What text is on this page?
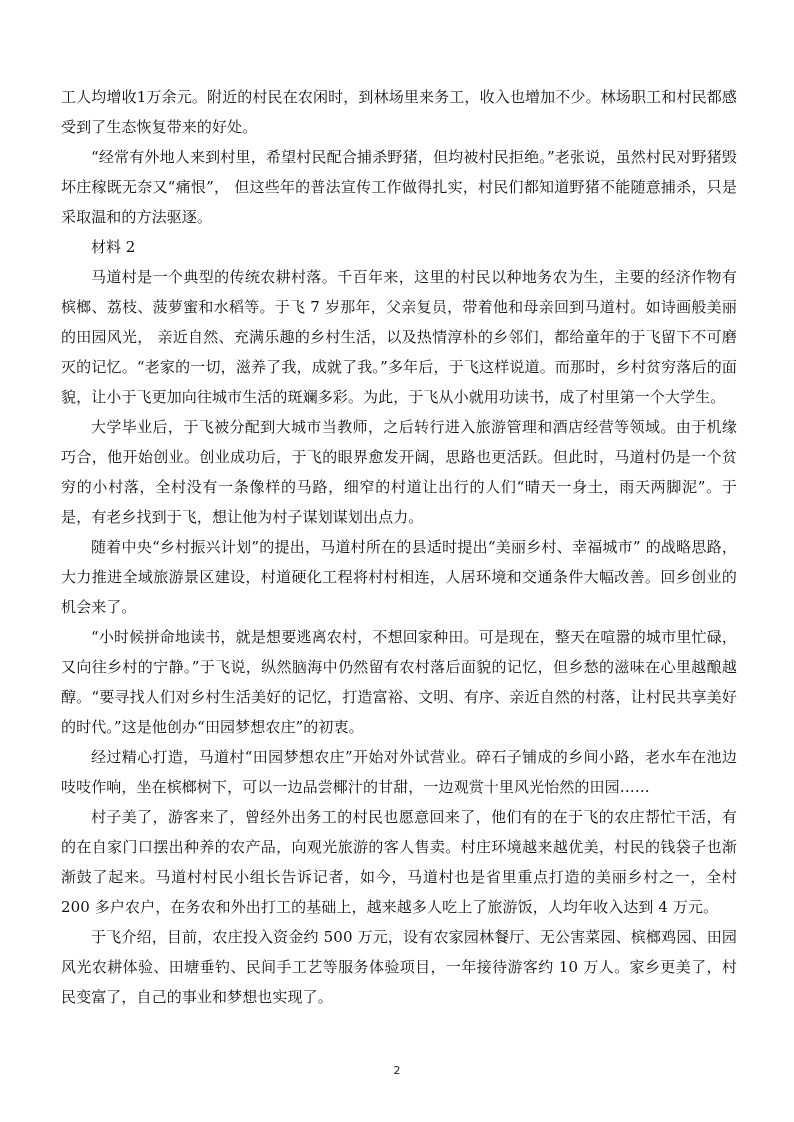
工人均增收1万余元。附近的村民在农闲时，到林场里来务工，收入也增加不少。林场职工和村民都感受到了生态恢复带来的好处。

“经常有外地人来到村里，希望村民配合捕杀野猪，但均被村民拒绝。”老张说，虽然村民对野猪毁坏庄稼既无奈又“痛恨”， 但这些年的普法宣传工作做得扎实，村民们都知道野猪不能随意捕杀，只是采取温和的方法驱逐。

材料 2

马道村是一个典型的传统农耕村落。千百年来，这里的村民以种地务农为生，主要的经济作物有槟榔、荔枝、菠萝蜜和水稻等。于飞 7 岁那年，父亲复员，带着他和母亲回到马道村。如诗画般美丽的田园风光， 亲近自然、充满乐趣的乡村生活，以及热情淳朴的乡邻们，都给童年的于飞留下不可磨灭的记忆。“老家的一切，滋养了我，成就了我。”多年后，于飞这样说道。而那时，乡村贫穷落后的面貌，让小于飞更加向往城市生活的斑斓多彩。为此，于飞从小就用功读书，成了村里第一个大学生。

大学毕业后，于飞被分配到大城市当教师，之后转行进入旅游管理和酒店经营等领域。由于机缘巧合，他开始创业。创业成功后，于飞的眼界愈发开阔，思路也更活跃。但此时，马道村仍是一个贫穷的小村落，全村没有一条像样的马路，细窄的村道让出行的人们“晴天一身土，雨天两脚泥”。于是，有老乡找到于飞，想让他为村子谋划谋划出点力。

随着中央“乡村振兴计划”的提出，马道村所在的县适时提出“美丽乡村、幸福城市” 的战略思路，大力推进全域旅游景区建设，村道硬化工程将村村相连，人居环境和交通条件大幅改善。回乡创业的机会来了。

“小时候拼命地读书，就是想要逃离农村，不想回家种田。可是现在，整天在喧嚣的城市里忙碌，又向往乡村的宁静。”于飞说，纵然脑海中仍然留有农村落后面貌的记忆，但乡愁的滋味在心里越酿越醇。“要寻找人们对乡村生活美好的记忆，打造富裕、文明、有序、亲近自然的村落，让村民共享美好的时代。”这是他创办“田园梦想农庄”的初衷。

经过精心打造，马道村“田园梦想农庄”开始对外试营业。碎石子铺成的乡间小路，老水车在池边吱吱作响，坐在槟榔树下，可以一边品尝椰汁的甘甜，一边观赏十里风光怡然的田园……

村子美了，游客来了，曾经外出务工的村民也愿意回来了，他们有的在于飞的农庄帮忙干活，有的在自家门口摆出种养的农产品，向观光旅游的客人售卖。村庄环境越来越优美，村民的钱袋子也渐渐鼓了起来。马道村村民小组长告诉记者，如今，马道村也是省里重点打造的美丽乡村之一，全村 200 多户农户，在务农和外出打工的基础上，越来越多人吃上了旅游饭，人均年收入达到 4 万元。

于飞介绍，目前，农庄投入资金约 500 万元，设有农家园林餐厅、无公害菜园、槟榔鸡园、田园风光农耕体验、田塘垂钓、民间手工艺等服务体验项目，一年接待游客约 10 万人。家乡更美了，村民变富了，自己的事业和梦想也实现了。

2
